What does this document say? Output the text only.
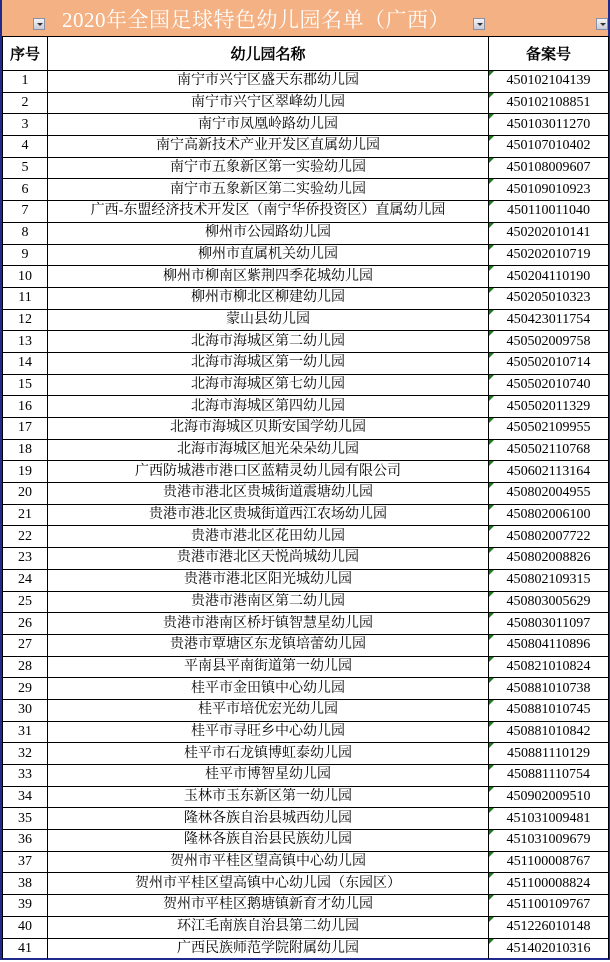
2020年全国足球特色幼儿园名单（广西）
序号	幼儿园名称	备案号
1	南宁市兴宁区盛天东郡幼儿园	450102104139
2	南宁市兴宁区翠峰幼儿园	450102108851
3	南宁市凤凰岭路幼儿园	450103011270
4	南宁高新技术产业开发区直属幼儿园	450107010402
5	南宁市五象新区第一实验幼儿园	450108009607
6	南宁市五象新区第二实验幼儿园	450109010923
7	广西-东盟经济技术开发区（南宁华侨投资区）直属幼儿园	450110011040
8	柳州市公园路幼儿园	450202010141
9	柳州市直属机关幼儿园	450202010719
10	柳州市柳南区紫荆四季花城幼儿园	450204110190
11	柳州市柳北区柳建幼儿园	450205010323
12	蒙山县幼儿园	450423011754
13	北海市海城区第二幼儿园	450502009758
14	北海市海城区第一幼儿园	450502010714
15	北海市海城区第七幼儿园	450502010740
16	北海市海城区第四幼儿园	450502011329
17	北海市海城区贝斯安国学幼儿园	450502109955
18	北海市海城区旭光朵朵幼儿园	450502110768
19	广西防城港市港口区蓝精灵幼儿园有限公司	450602113164
20	贵港市港北区贵城街道震塘幼儿园	450802004955
21	贵港市港北区贵城街道西江农场幼儿园	450802006100
22	贵港市港北区花田幼儿园	450802007722
23	贵港市港北区天悦尚城幼儿园	450802008826
24	贵港市港北区阳光城幼儿园	450802109315
25	贵港市港南区第二幼儿园	450803005629
26	贵港市港南区桥圩镇智慧星幼儿园	450803011097
27	贵港市覃塘区东龙镇培蕾幼儿园	450804110896
28	平南县平南街道第一幼儿园	450821010824
29	桂平市金田镇中心幼儿园	450881010738
30	桂平市培优宏光幼儿园	450881010745
31	桂平市寻旺乡中心幼儿园	450881010842
32	桂平市石龙镇博虹泰幼儿园	450881110129
33	桂平市博智星幼儿园	450881110754
34	玉林市玉东新区第一幼儿园	450902009510
35	隆林各族自治县城西幼儿园	451031009481
36	隆林各族自治县民族幼儿园	451031009679
37	贺州市平桂区望高镇中心幼儿园	451100008767
38	贺州市平桂区望高镇中心幼儿园（东园区）	451100008824
39	贺州市平桂区鹅塘镇新育才幼儿园	451100109767
40	环江毛南族自治县第二幼儿园	451226010148
41	广西民族师范学院附属幼儿园	451402010316
